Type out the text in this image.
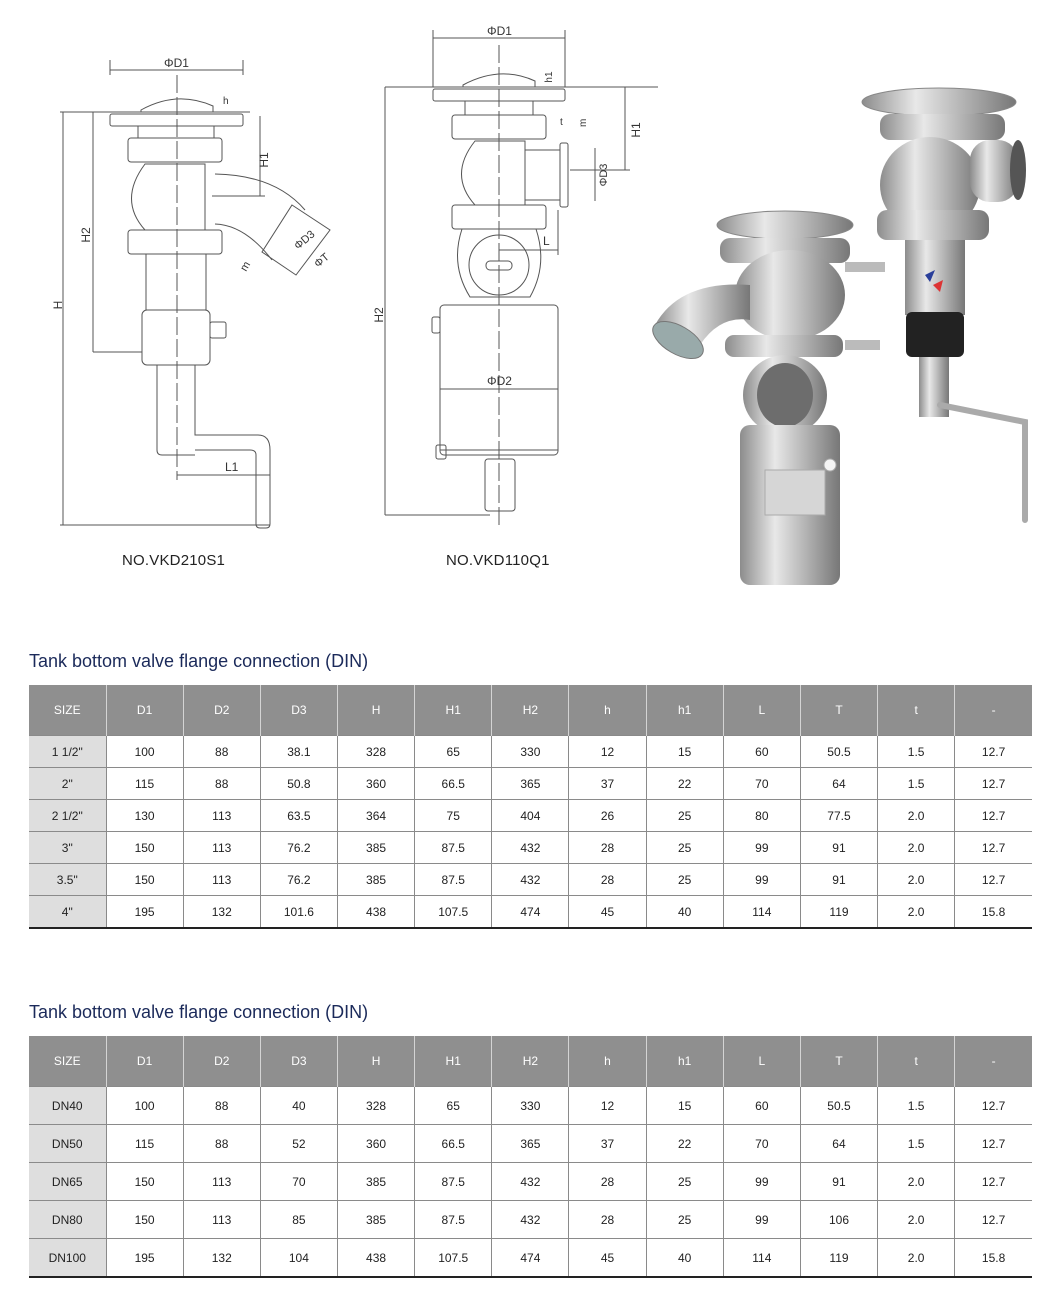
ΦD1
H1
H2
H
h
ΦD3
ΦT
m
L1
NO.VKD210S1
ΦD1
H2
H1
h1
ΦD3
m
t
L
ΦD2
NO.VKD110Q1
Tank bottom valve flange connection (DIN)
SIZE	D1	D2	D3	H	H1	H2	h	h1	L	T	t	-
1 1/2"	100	88	38.1	328	65	330	12	15	60	50.5	1.5	12.7
2"	115	88	50.8	360	66.5	365	37	22	70	64	1.5	12.7
2 1/2"	130	113	63.5	364	75	404	26	25	80	77.5	2.0	12.7
3"	150	113	76.2	385	87.5	432	28	25	99	91	2.0	12.7
3.5"	150	113	76.2	385	87.5	432	28	25	99	91	2.0	12.7
4"	195	132	101.6	438	107.5	474	45	40	114	119	2.0	15.8
Tank bottom valve flange connection (DIN)
SIZE	D1	D2	D3	H	H1	H2	h	h1	L	T	t	-
DN40	100	88	40	328	65	330	12	15	60	50.5	1.5	12.7
DN50	115	88	52	360	66.5	365	37	22	70	64	1.5	12.7
DN65	150	113	70	385	87.5	432	28	25	99	91	2.0	12.7
DN80	150	113	85	385	87.5	432	28	25	99	106	2.0	12.7
DN100	195	132	104	438	107.5	474	45	40	114	119	2.0	15.8
